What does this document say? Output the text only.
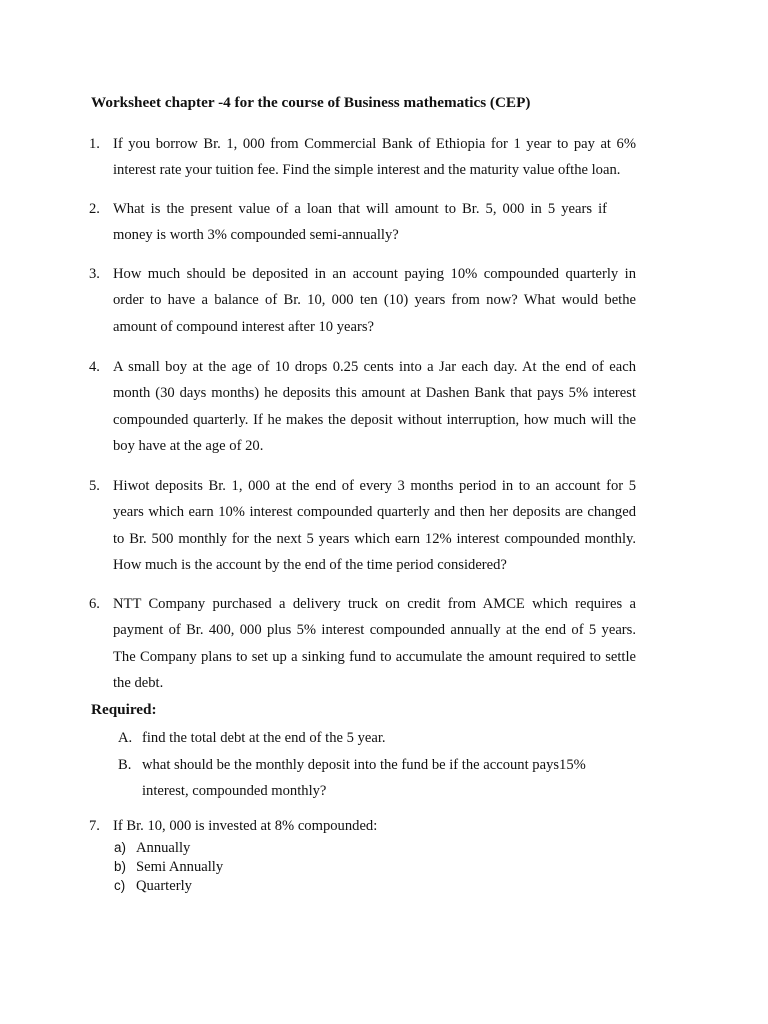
Worksheet chapter -4 for the course of Business mathematics (CEP)
1. If you borrow Br. 1, 000 from Commercial Bank of Ethiopia for 1 year to pay at 6%
interest rate your tuition fee. Find the simple interest and the maturity value ofthe loan.
2. What is the present value of a loan that will amount to Br. 5, 000 in 5 years if
money is worth 3% compounded semi-annually?
3. How much should be deposited in an account paying 10% compounded quarterly in
order to have a balance of Br. 10, 000 ten (10) years from now? What would bethe
amount of compound interest after 10 years?
4. A small boy at the age of 10 drops 0.25 cents into a Jar each day. At the end of each
month (30 days months) he deposits this amount at Dashen Bank that pays 5% interest
compounded quarterly. If he makes the deposit without interruption, how much will the
boy have at the age of 20.
5. Hiwot deposits Br. 1, 000 at the end of every 3 months period in to an account for 5
years which earn 10% interest compounded quarterly and then her deposits are changed
to Br. 500 monthly for the next 5 years which earn 12% interest compounded monthly.
How much is the account by the end of the time period considered?
6. NTT Company purchased a delivery truck on credit from AMCE which requires a
payment of Br. 400, 000 plus 5% interest compounded annually at the end of 5 years.
The Company plans to set up a sinking fund to accumulate the amount required to settle
the debt.
Required:
A. find the total debt at the end of the 5 year.
B. what should be the monthly deposit into the fund be if the account pays15%
interest, compounded monthly?
7. If Br. 10, 000 is invested at 8% compounded:
a) Annually
b) Semi Annually
c) Quarterly
